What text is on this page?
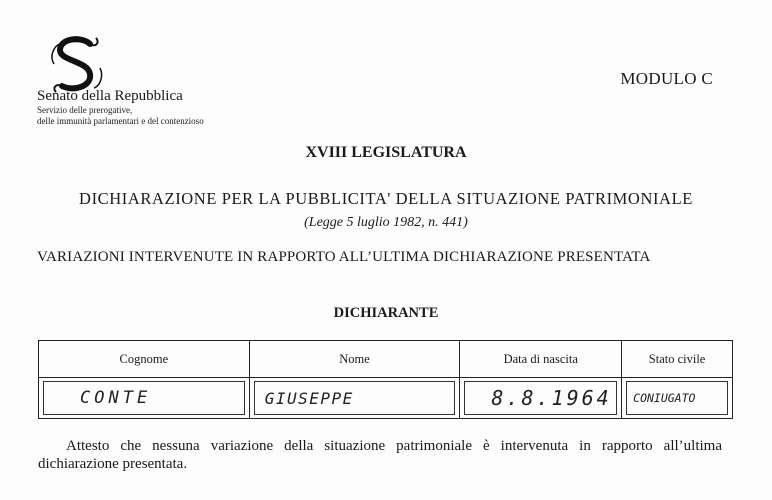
Senato della Repubblica
Servizio delle prerogative,
delle immunità parlamentari e del contenzioso
MODULO C
XVIII LEGISLATURA
DICHIARAZIONE PER LA PUBBLICITA' DELLA SITUAZIONE PATRIMONIALE
(Legge 5 luglio 1982, n. 441)
VARIAZIONI INTERVENUTE IN RAPPORTO ALL’ULTIMA DICHIARAZIONE PRESENTATA
DICHIARANTE
Cognome	Nome	Data di nascita	Stato civile

CONTE	GIUSEPPE	8.8.1964	CONIUGATO
Attesto che nessuna variazione della situazione patrimoniale è intervenuta in rapporto all’ultima dichiarazione presentata.
